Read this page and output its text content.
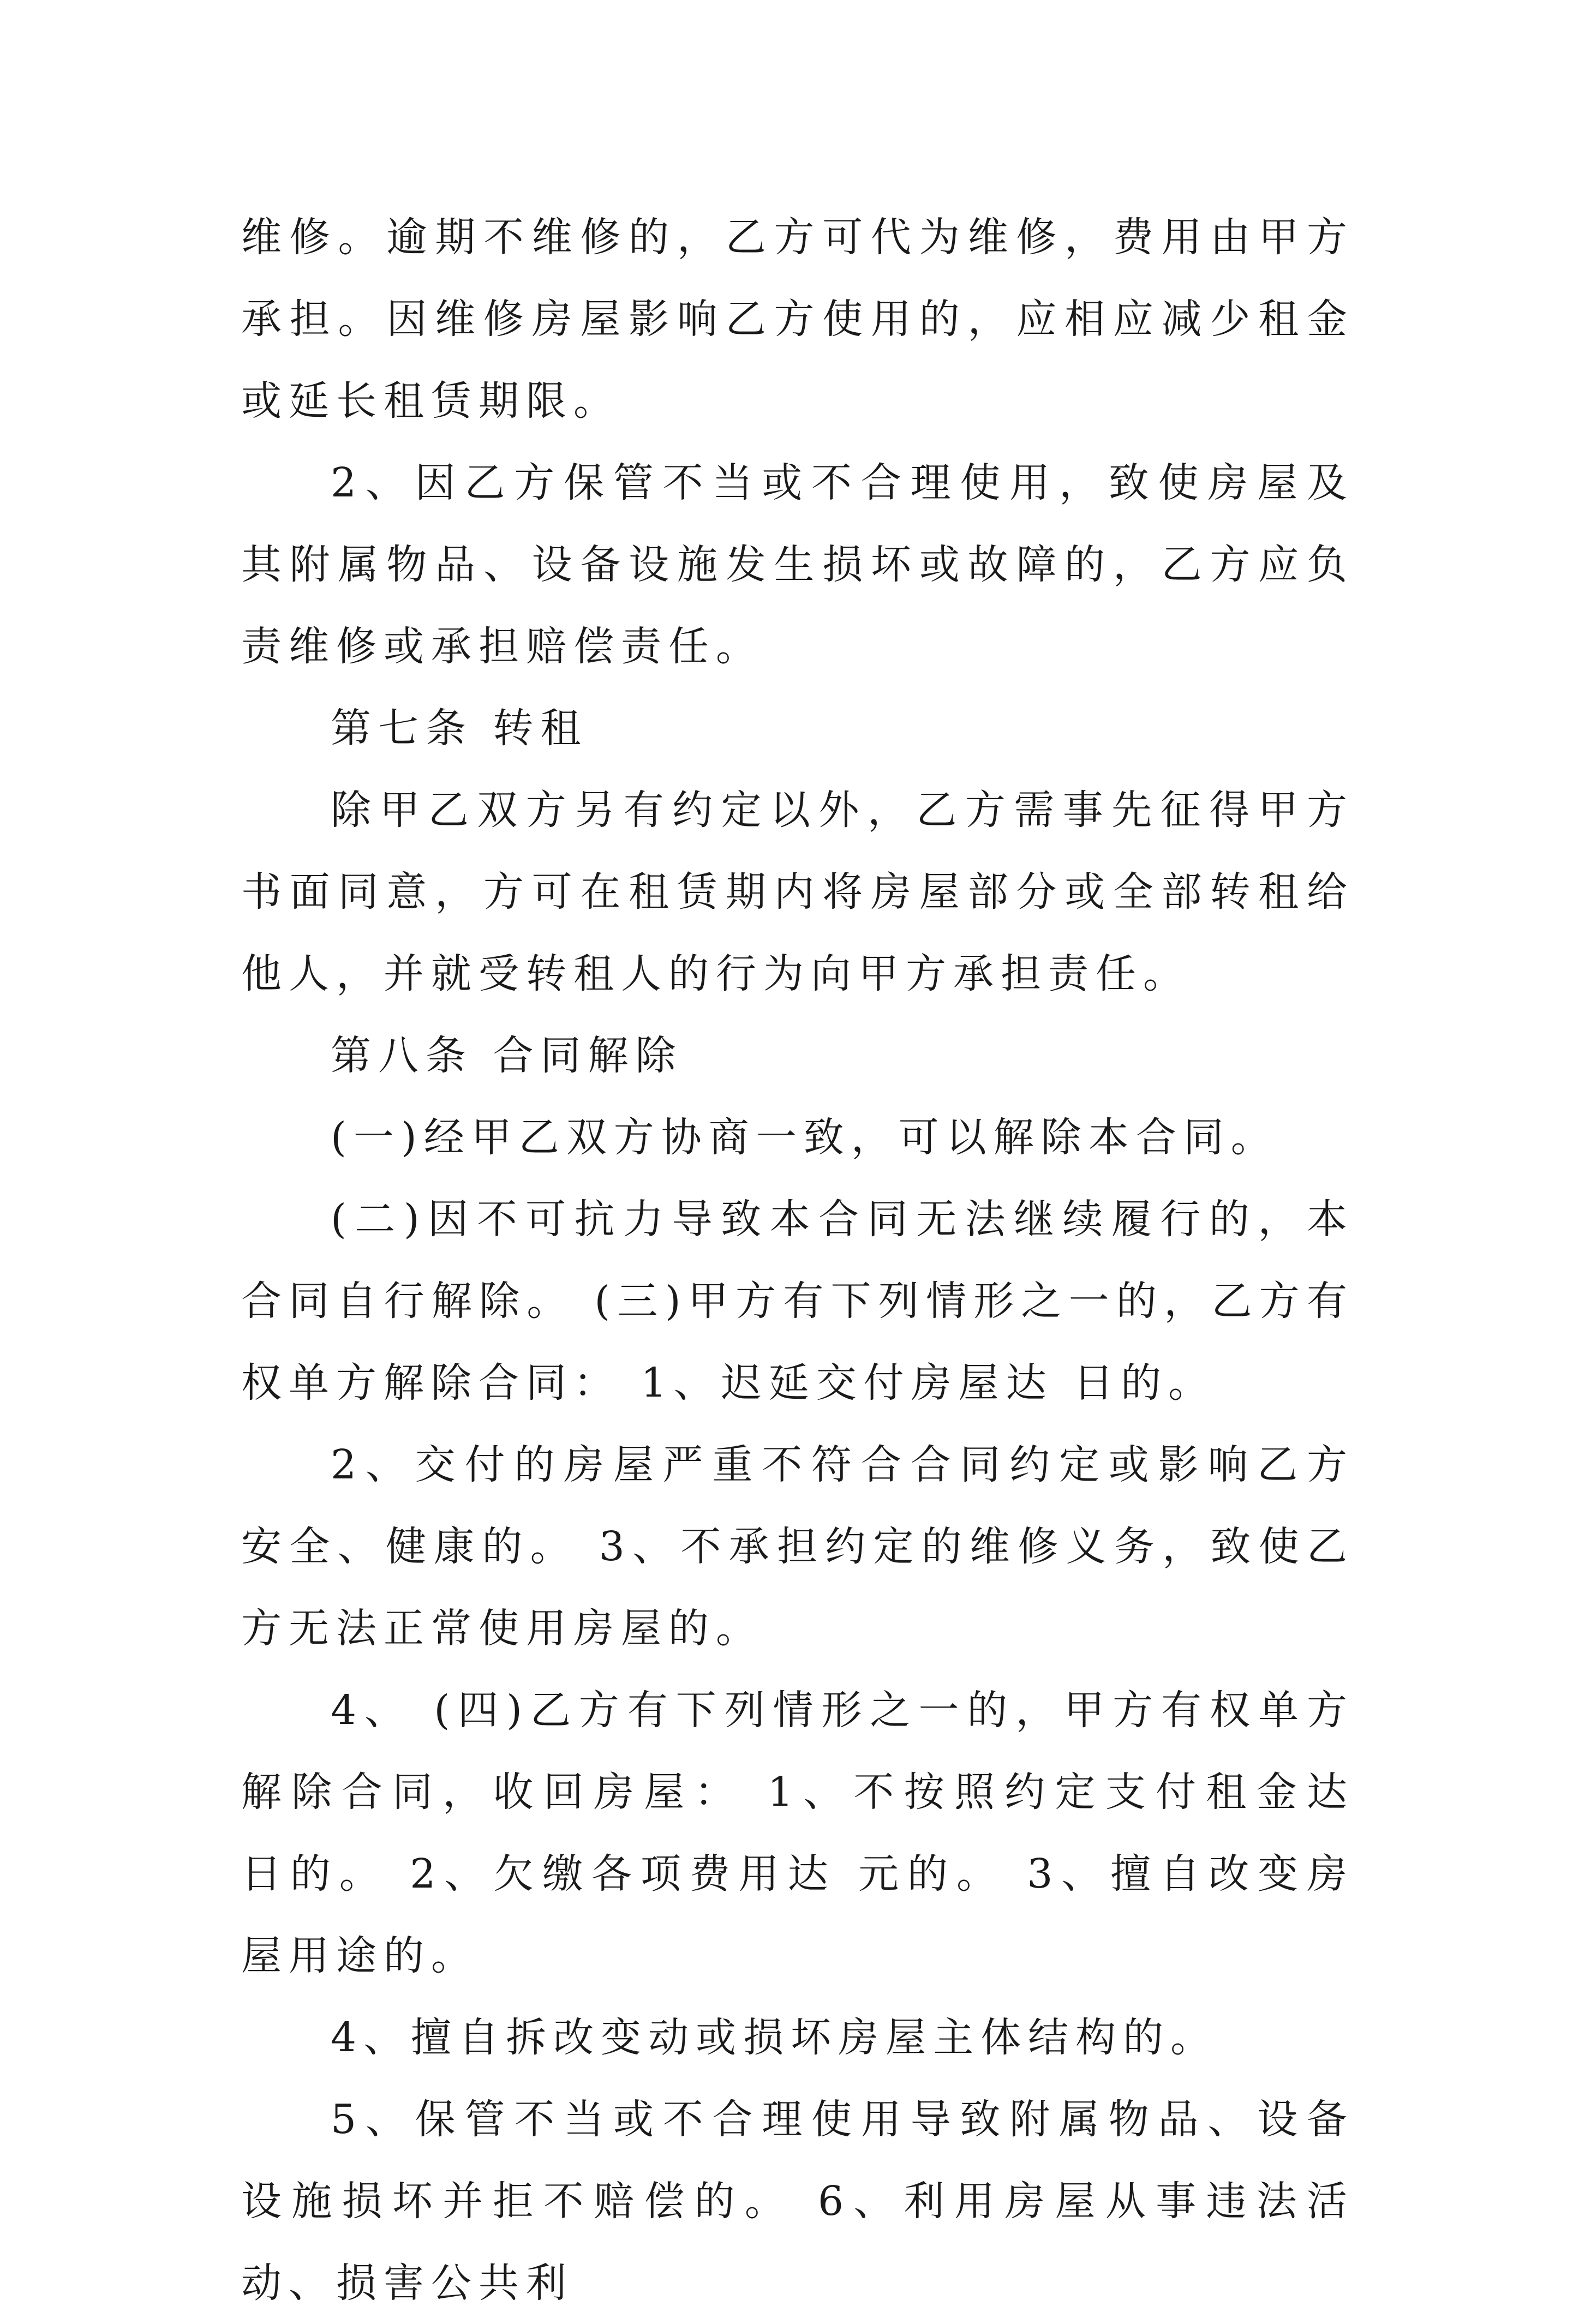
维修。逾期不维修的，乙方可代为维修，费用由甲方承担。因维修房屋影响乙方使用的，应相应减少租金或延长租赁期限。

2、因乙方保管不当或不合理使用，致使房屋及其附属物品、设备设施发生损坏或故障的，乙方应负责维修或承担赔偿责任。

第七条 转租

除甲乙双方另有约定以外，乙方需事先征得甲方书面同意，方可在租赁期内将房屋部分或全部转租给他人，并就受转租人的行为向甲方承担责任。

第八条 合同解除

(一)经甲乙双方协商一致，可以解除本合同。

(二)因不可抗力导致本合同无法继续履行的，本合同自行解除。 (三)甲方有下列情形之一的，乙方有权单方解除合同： 1、迟延交付房屋达 日的。

2、交付的房屋严重不符合合同约定或影响乙方安全、健康的。 3、不承担约定的维修义务，致使乙方无法正常使用房屋的。

4、 (四)乙方有下列情形之一的，甲方有权单方解除合同，收回房屋： 1、不按照约定支付租金达 日的。 2、欠缴各项费用达 元的。 3、擅自改变房屋用途的。

4、擅自拆改变动或损坏房屋主体结构的。

5、保管不当或不合理使用导致附属物品、设备设施损坏并拒不赔偿的。 6、利用房屋从事违法活动、损害公共利
